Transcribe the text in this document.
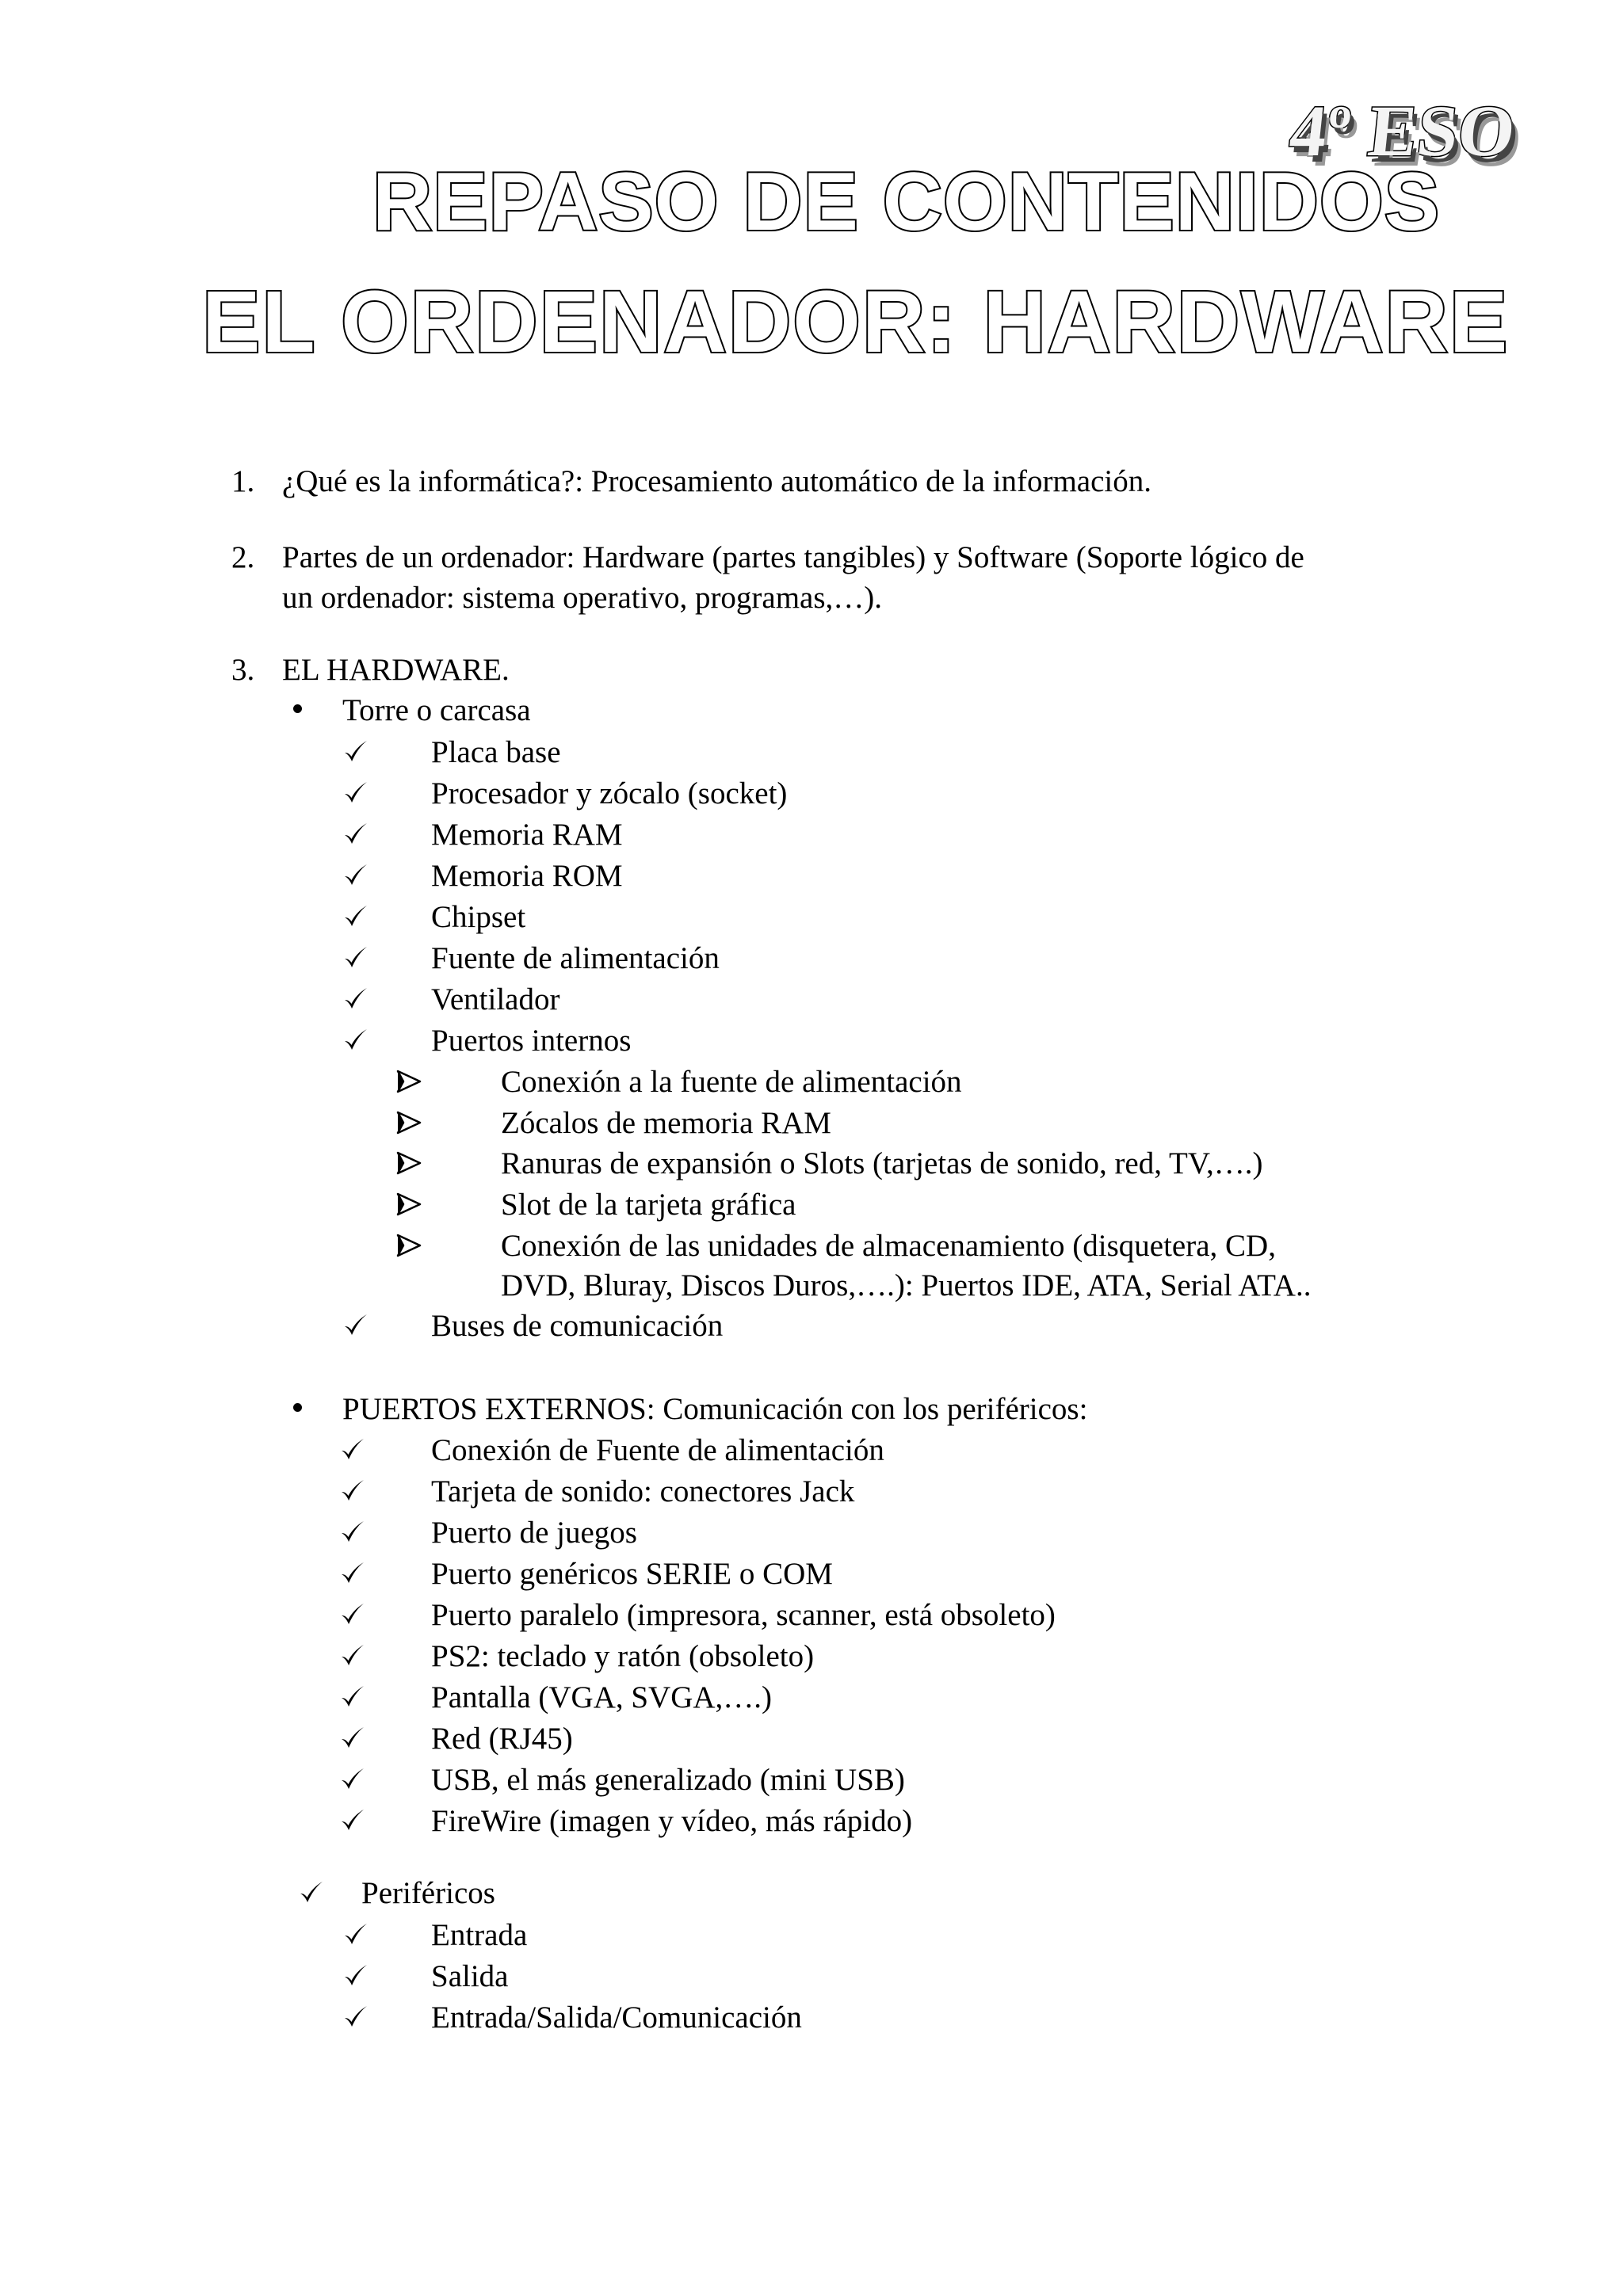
REPASO DE CONTENIDOS
EL ORDENADOR: HARDWARE
4º ESO
1. ¿Qué es la informática?: Procesamiento automático de la información.
2. Partes de un ordenador: Hardware (partes tangibles) y Software (Soporte lógico de
un ordenador: sistema operativo, programas,…).
3. EL HARDWARE.
Torre o carcasa
Placa base
Procesador y zócalo (socket)
Memoria RAM
Memoria ROM
Chipset
Fuente de alimentación
Ventilador
Puertos internos
Conexión a la fuente de alimentación
Zócalos de memoria RAM
Ranuras de expansión o Slots (tarjetas de sonido, red, TV,….)
Slot de la tarjeta gráfica
Conexión de las unidades de almacenamiento (disquetera, CD,
DVD, Bluray, Discos Duros,….): Puertos IDE, ATA, Serial ATA..
Buses de comunicación
PUERTOS EXTERNOS: Comunicación con los periféricos:
Conexión de Fuente de alimentación
Tarjeta de sonido: conectores Jack
Puerto de juegos
Puerto genéricos SERIE o COM
Puerto paralelo (impresora, scanner, está obsoleto)
PS2: teclado y ratón (obsoleto)
Pantalla (VGA, SVGA,….)
Red (RJ45)
USB, el más generalizado (mini USB)
FireWire (imagen y vídeo, más rápido)
Periféricos
Entrada
Salida
Entrada/Salida/Comunicación
